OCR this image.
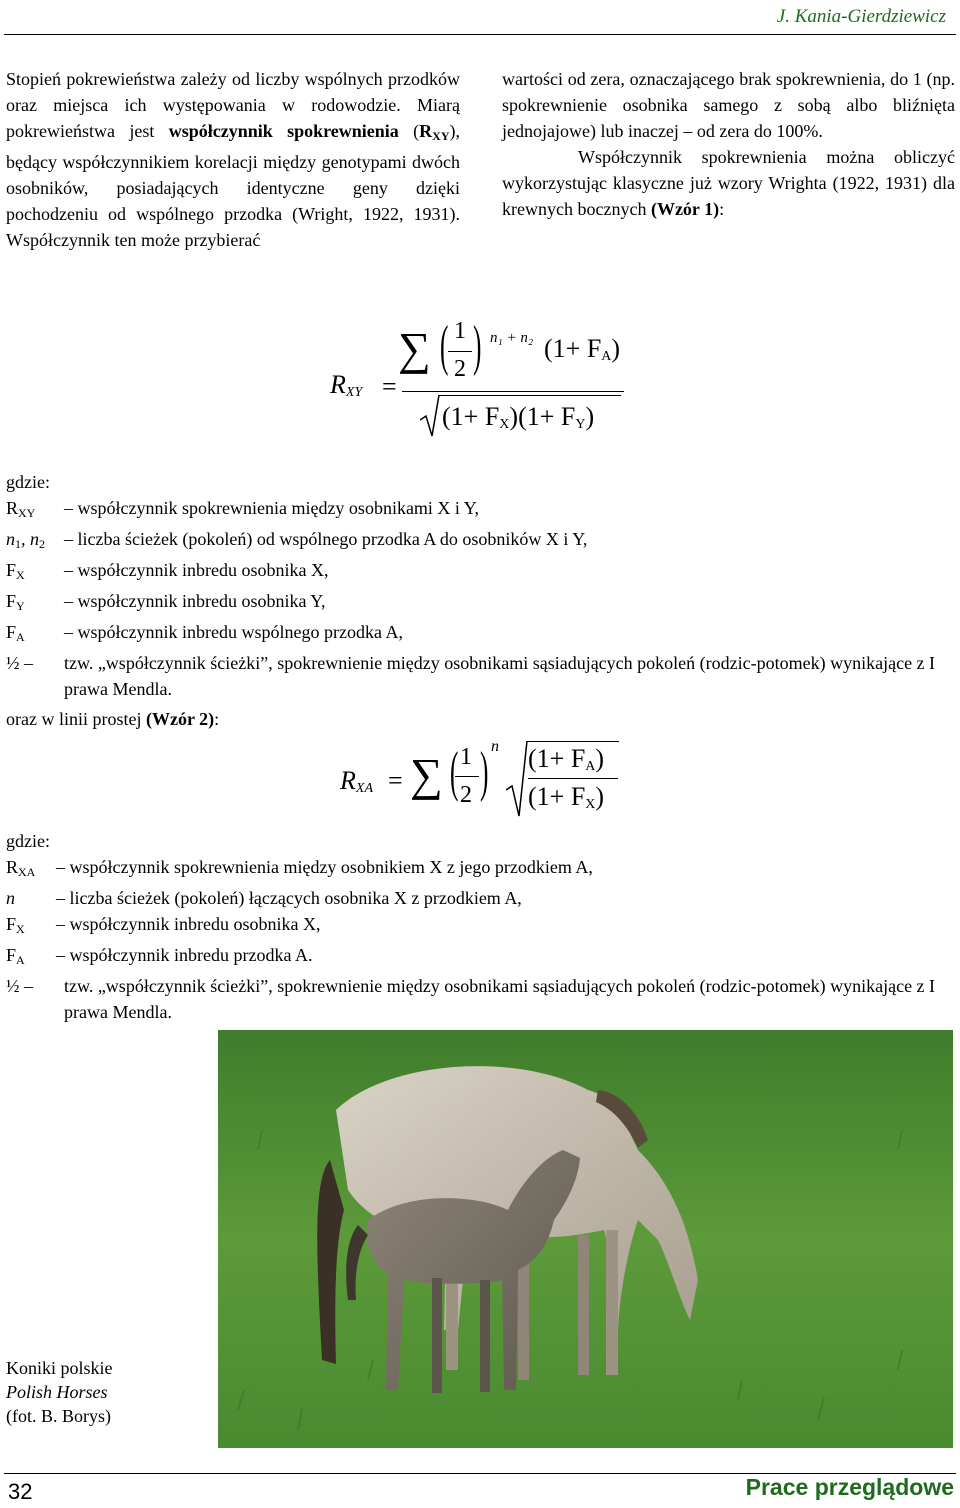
J. Kania-Gierdziewicz

Stopień pokrewieństwa zależy od liczby wspólnych przodków oraz miejsca ich występowania w rodowodzie. Miarą pokrewieństwa jest współczynnik spokrewnienia $(R_{XY})$, będący współczynnikiem korelacji między genotypami dwóch osobników, posiadających identyczne geny dzięki pochodzeniu od wspólnego przodka (Wright, 1922, 1931). Współczynnik ten może przybierać

wartości od zera, oznaczającego brak spokrewnienia, do 1 (np. spokrewnienie osobnika samego z sobą albo bliźnięta jednojajowe) lub inaczej – od zera do 100%.

Współczynnik spokrewnienia można obliczyć wykorzystując klasyczne już wzory Wrighta (1922, 1931) dla krewnych bocznych (Wzór 1):

$R_{XY}$ =
∑ ( 1
2 ) n₁ + n₂ $(1+ F_A)$
$(1+ F_X)(1+ F_Y)$
gdzie:
$R_{XY}$ – współczynnik spokrewnienia między osobnikami X i Y,
$n_1$, $n_2$ – liczba ścieżek (pokoleń) od wspólnego przodka A do osobników X i Y,
$F_X$ – współczynnik inbredu osobnika X,
$F_Y$ – współczynnik inbredu osobnika Y,
$F_A$ – współczynnik inbredu wspólnego przodka A,
½ – tzw. „współczynnik ścieżki”, spokrewnienie między osobnikami sąsiadujących pokoleń (rodzic-potomek) wynikające z I prawa Mendla.
oraz w linii prostej (Wzór 2):
$R_{XA}$ = ∑ ( 1
2 ) n $(1+ F_A)$
$(1+ F_X)$
gdzie:
$R_{XA}$ – współczynnik spokrewnienia między osobnikiem X z jego przodkiem A,
n – liczba ścieżek (pokoleń) łączących osobnika X z przodkiem A,
$F_X$ – współczynnik inbredu osobnika X,
$F_A$ – współczynnik inbredu przodka A.
½ – tzw. „współczynnik ścieżki”, spokrewnienie między osobnikami sąsiadujących pokoleń (rodzic-potomek) wynikające z I prawa Mendla.
Koniki polskie
Polish Horses
(fot. B. Borys)
32	Prace przeglądowe
